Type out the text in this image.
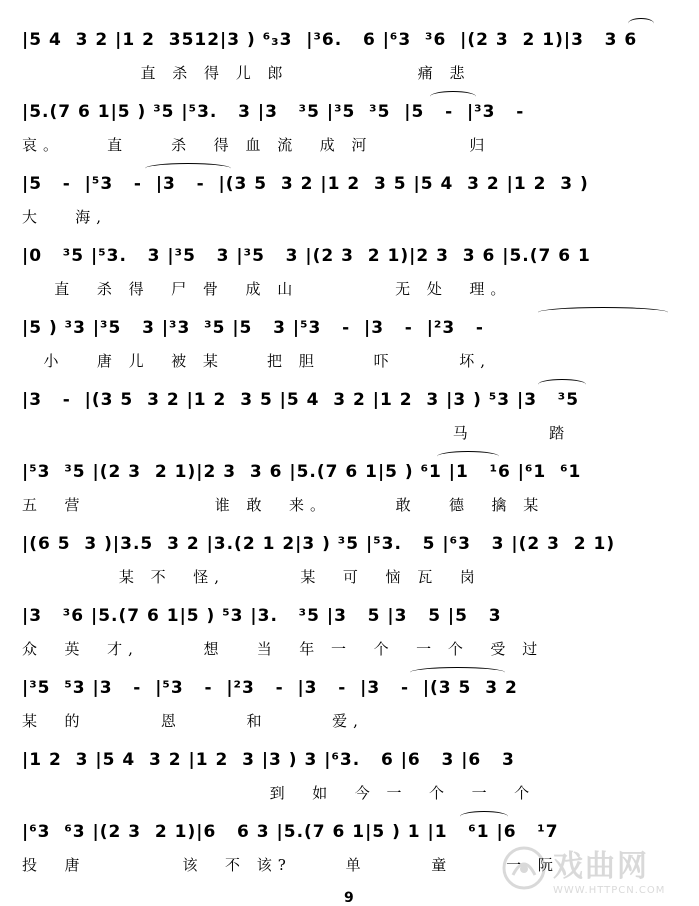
|5 4  3 2 |1 2  3512|3 ) ⁶₃3  |³6.   6 |⁶3  ³6  |(2 3  2 1)|3   3 6
直 杀 得 儿 郎            痛 悲
|5.(7 6 1|5 ) ³5 |⁵3.   3 |3   ³5 |³5  ³5  |5   -  |³3   -
哀。    直    杀  得 血 流  成 河         归
|5   -  |⁵3   -  |3   -  |(3 5  3 2 |1 2  3 5 |5 4  3 2 |1 2  3 )
大   海,
|0   ³5 |⁵3.   3 |³5   3 |³5   3 |(2 3  2 1)|2 3  3 6 |5.(7 6 1
直  杀 得  尸 骨  成 山         无 处  理。
|5 ) ³3 |³5   3 |³3  ³5 |5   3 |⁵3   -  |3   -  |²3   -
小   唐 儿  被 某    把 胆     吓      坏,
|3   -  |(3 5  3 2 |1 2  3 5 |5 4  3 2 |1 2  3 |3 ) ⁵3 |3   ³5
马       踏
|⁵3  ³5 |(2 3  2 1)|2 3  3 6 |5.(7 6 1|5 ) ⁶1 |1   ¹6 |⁶1  ⁶1
五  营            谁 敢  来。      敢   德  擒 某
|(6 5  3 )|3.5  3 2 |3.(2 1 2|3 ) ³5 |⁵3.   5 |⁶3   3 |(2 3  2 1)
某 不  怪,       某  可  恼 瓦  岗
|3   ³6 |5.(7 6 1|5 ) ⁵3 |3.   ³5 |3   5 |3   5 |5   3
众  英  才,      想   当  年 一  个  一 个  受 过
|³5  ⁵3 |3   -  |⁵3   -  |²3   -  |3   -  |3   -  |(3 5  3 2
某  的       恩      和      爱,
|1 2  3 |5 4  3 2 |1 2  3 |3 ) 3 |⁶3.   6 |6   3 |6   3
到  如  今 一  个  一  个
|⁶3  ⁶3 |(2 3  2 1)|6   6 3 |5.(7 6 1|5 ) 1 |1   ⁶1 |6   ¹7
投  唐         该  不 该?     单      童     一 阮
9
戏曲网
WWW.HTTPCN.COM
